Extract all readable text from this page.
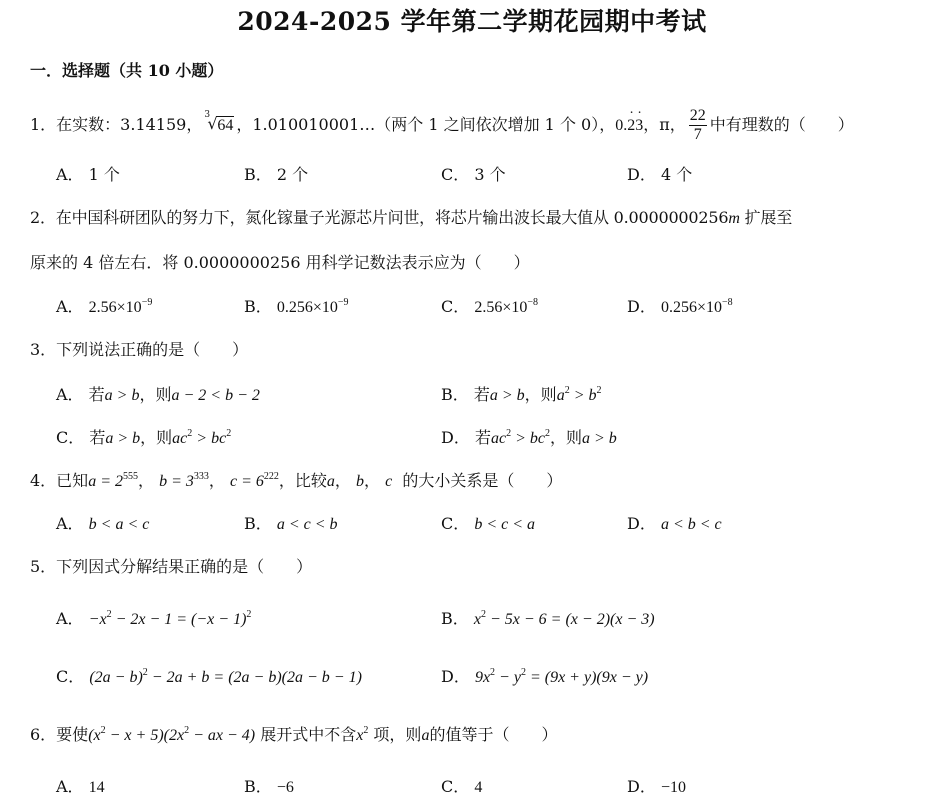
2024-2025 学年第二学期花园期中考试
一．选择题（共 10 小题）
1．在实数：3.14159， 3
√ 64 ，1.010010001…（两个 1 之间依次增加 1 个 0），0.2 ·3 ·，π， $\frac{22}{7}$ 中有理数的（　　）
A． 1 个	B． 2 个	C． 3 个	D． 4 个
2．在中国科研团队的努力下，氮化镓量子光源芯片问世，将芯片输出波长最大值从 0.0000000256m 扩展至
原来的 4 倍左右．将 0.0000000256 用科学记数法表示应为（　　）
A． $2.56\times 10^{-9}$	B． $0.256\times 10^{-9}$	C． $2.56\times 10^{-8}$	D． $0.256\times 10^{-8}$
3．下列说法正确的是（　　）
A． 若a > b，则a − 2 < b − 2	B． 若a > b，则$a^2 > b^2$
C． 若a > b，则$ac^2 > bc^2$	D． 若$ac^2 > bc^2$，则a > b
4．已知$a = 2^{555}$， $b = 3^{333}$， $c = 6^{222}$，比较a， b， c 的大小关系是（　　）
A． b < a < c	B． a < c < b	C． b < c < a	D． a < b < c
5．下列因式分解结果正确的是（　　）
A． $-x^2 - 2x - 1 = (-x - 1)^2$	B． $x^2 - 5x - 6 = (x - 2)(x - 3)$
C． $(2a - b)^2 - 2a + b = (2a - b)(2a - b - 1)$	D． $9x^2 - y^2 = (9x + y)(9x - y)$
6．要使$(x^2 - x + 5)(2x^2$ − ax − 4) 展开式中不含$x^2$ 项，则a的值等于（　　）
A． 14	B． −6	C． 4	D． −10
